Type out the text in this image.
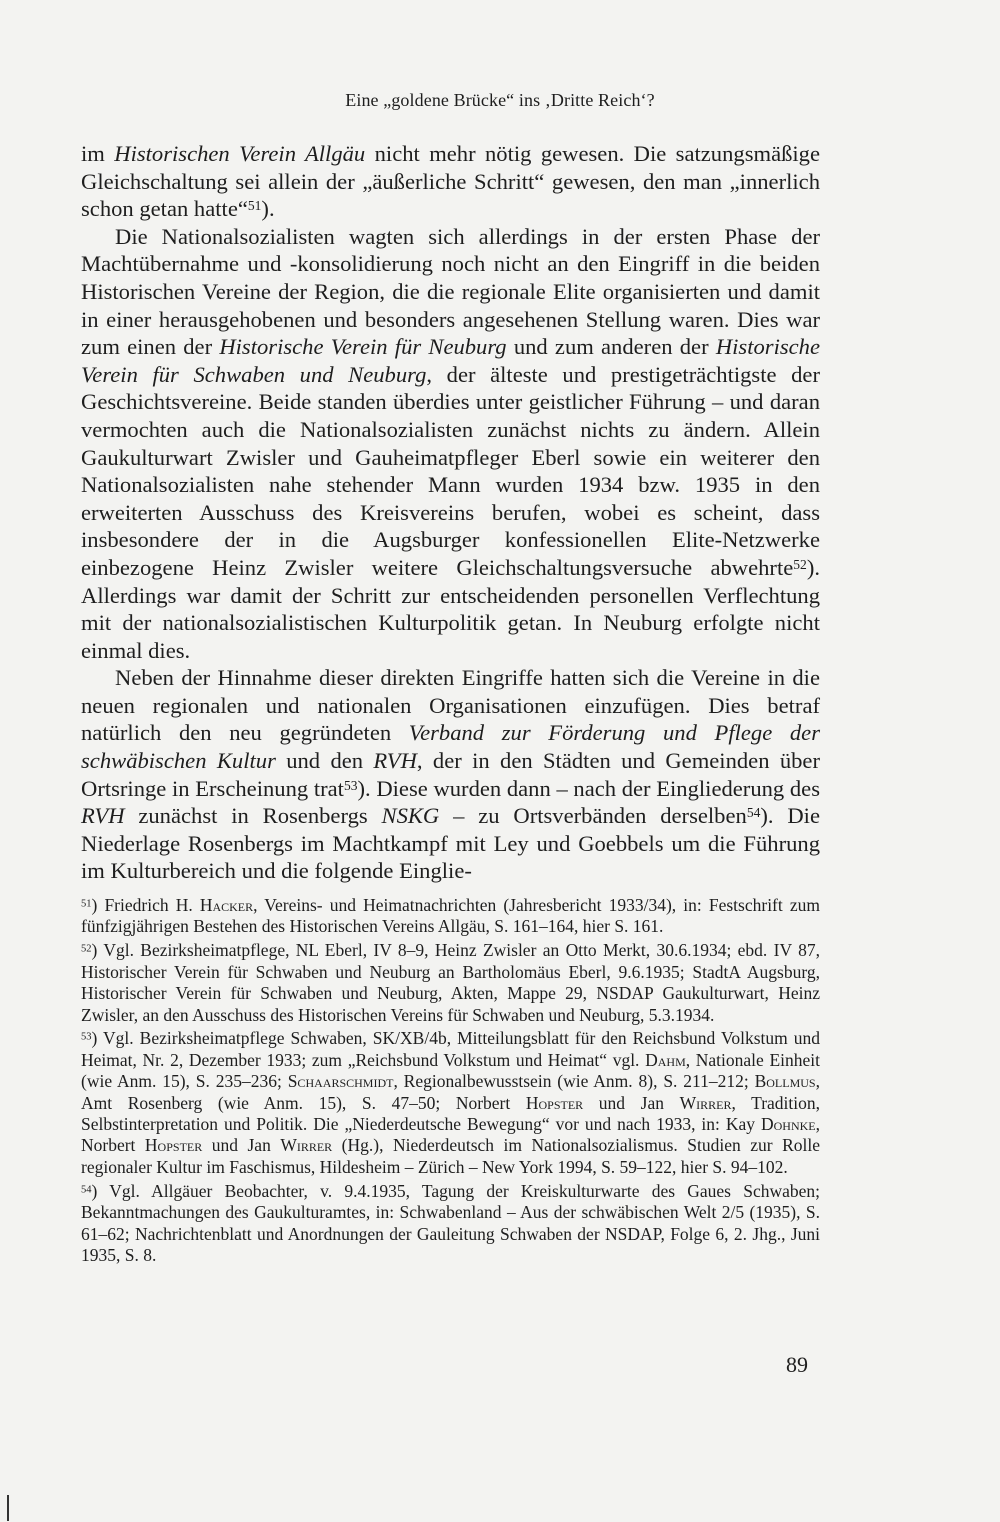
Eine „goldene Brücke“ ins ‚Dritte Reich‘?

im Historischen Verein Allgäu nicht mehr nötig gewesen. Die satzungsmäßige Gleichschaltung sei allein der „äußerliche Schritt“ gewesen, den man „innerlich schon getan hatte“$^{51}$).

Die Nationalsozialisten wagten sich allerdings in der ersten Phase der Machtübernahme und -konsolidierung noch nicht an den Eingriff in die beiden Historischen Vereine der Region, die die regionale Elite organisierten und damit in einer herausgehobenen und besonders angesehenen Stellung waren. Dies war zum einen der Historische Verein für Neuburg und zum anderen der Historische Verein für Schwaben und Neuburg, der älteste und prestigeträchtigste der Geschichtsvereine. Beide standen überdies unter geistlicher Führung – und daran vermochten auch die Nationalsozialisten zunächst nichts zu ändern. Allein Gaukulturwart Zwisler und Gauheimatpfleger Eberl sowie ein weiterer den Nationalsozialisten nahe stehender Mann wurden 1934 bzw. 1935 in den erweiterten Ausschuss des Kreisvereins berufen, wobei es scheint, dass insbesondere der in die Augsburger konfessionellen Elite-Netzwerke einbezogene Heinz Zwisler weitere Gleichschaltungsversuche abwehrte$^{52}$). Allerdings war damit der Schritt zur entscheidenden personellen Verflechtung mit der nationalsozialistischen Kulturpolitik getan. In Neuburg erfolgte nicht einmal dies.

Neben der Hinnahme dieser direkten Eingriffe hatten sich die Vereine in die neuen regionalen und nationalen Organisationen einzufügen. Dies betraf natürlich den neu gegründeten Verband zur Förderung und Pflege der schwäbischen Kultur und den RVH, der in den Städten und Gemeinden über Ortsringe in Erscheinung trat$^{53}$). Diese wurden dann – nach der Eingliederung des RVH zunächst in Rosenbergs NSKG – zu Ortsverbänden derselben$^{54}$). Die Niederlage Rosenbergs im Machtkampf mit Ley und Goebbels um die Führung im Kulturbereich und die folgende Einglie-

$^{51}$) Friedrich H. Hacker, Vereins- und Heimatnachrichten (Jahresbericht 1933/34), in: Festschrift zum fünfzigjährigen Bestehen des Historischen Vereins Allgäu, S. 161–164, hier S. 161.

$^{52}$) Vgl. Bezirksheimatpflege, NL Eberl, IV 8–9, Heinz Zwisler an Otto Merkt, 30.6.1934; ebd. IV 87, Historischer Verein für Schwaben und Neuburg an Bartholomäus Eberl, 9.6.1935; StadtA Augsburg, Historischer Verein für Schwaben und Neuburg, Akten, Mappe 29, NSDAP Gaukulturwart, Heinz Zwisler, an den Ausschuss des Historischen Vereins für Schwaben und Neuburg, 5.3.1934.

$^{53}$) Vgl. Bezirksheimatpflege Schwaben, SK/XB/4b, Mitteilungsblatt für den Reichsbund Volkstum und Heimat, Nr. 2, Dezember 1933; zum „Reichsbund Volkstum und Heimat“ vgl. Dahm, Nationale Einheit (wie Anm. 15), S. 235–236; Schaarschmidt, Regionalbewusstsein (wie Anm. 8), S. 211–212; Bollmus, Amt Rosenberg (wie Anm. 15), S. 47–50; Norbert Hopster und Jan Wirrer, Tradition, Selbstinterpretation und Politik. Die „Niederdeutsche Bewegung“ vor und nach 1933, in: Kay Dohnke, Norbert Hopster und Jan Wirrer (Hg.), Niederdeutsch im Nationalsozialismus. Studien zur Rolle regionaler Kultur im Faschismus, Hildesheim – Zürich – New York 1994, S. 59–122, hier S. 94–102.

$^{54}$) Vgl. Allgäuer Beobachter, v. 9.4.1935, Tagung der Kreiskulturwarte des Gaues Schwaben; Bekanntmachungen des Gaukulturamtes, in: Schwabenland – Aus der schwäbischen Welt 2/5 (1935), S. 61–62; Nachrichtenblatt und Anordnungen der Gauleitung Schwaben der NSDAP, Folge 6, 2. Jhg., Juni 1935, S. 8.

89
